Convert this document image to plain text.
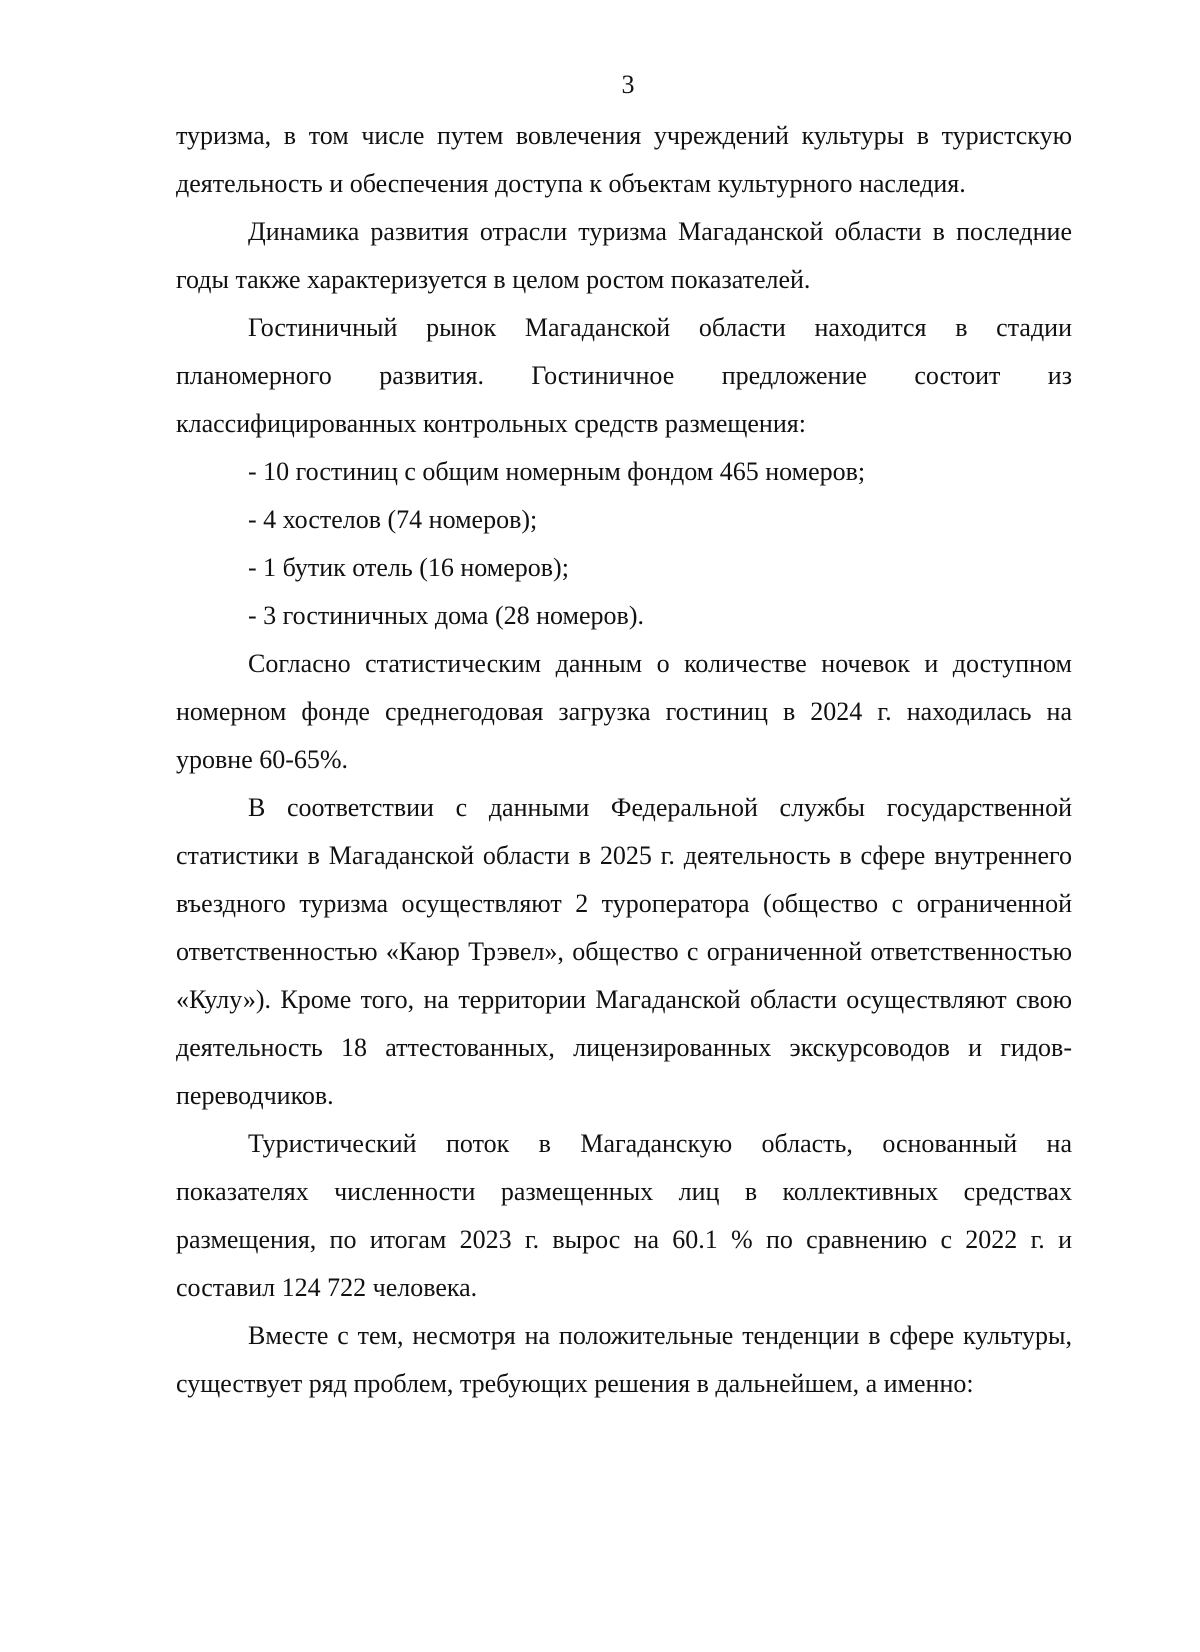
3

туризма, в том числе путем вовлечения учреждений культуры в туристскую деятельность и обеспечения доступа к объектам культурного наследия.

Динамика развития отрасли туризма Магаданской области в последние годы также характеризуется в целом ростом показателей.

Гостиничный рынок Магаданской области находится в стадии планомерного развития. Гостиничное предложение состоит из классифицированных контрольных средств размещения:

- 10 гостиниц с общим номерным фондом 465 номеров;

- 4 хостелов (74 номеров);

- 1 бутик отель (16 номеров);

- 3 гостиничных дома (28 номеров).

Согласно статистическим данным о количестве ночевок и доступном номерном фонде среднегодовая загрузка гостиниц в 2024 г. находилась на уровне 60-65%.

В соответствии с данными Федеральной службы государственной статистики в Магаданской области в 2025 г. деятельность в сфере внутреннего въездного туризма осуществляют 2 туроператора (общество с ограниченной ответственностью «Каюр Трэвел», общество с ограниченной ответственностью «Кулу»). Кроме того, на территории Магаданской области осуществляют свою деятельность 18 аттестованных, лицензированных экскурсоводов и гидов-переводчиков.

Туристический поток в Магаданскую область, основанный на показателях численности размещенных лиц в коллективных средствах размещения, по итогам 2023 г. вырос на 60.1 % по сравнению с 2022 г. и составил 124 722 человека.

Вместе с тем, несмотря на положительные тенденции в сфере культуры, существует ряд проблем, требующих решения в дальнейшем, а именно:
